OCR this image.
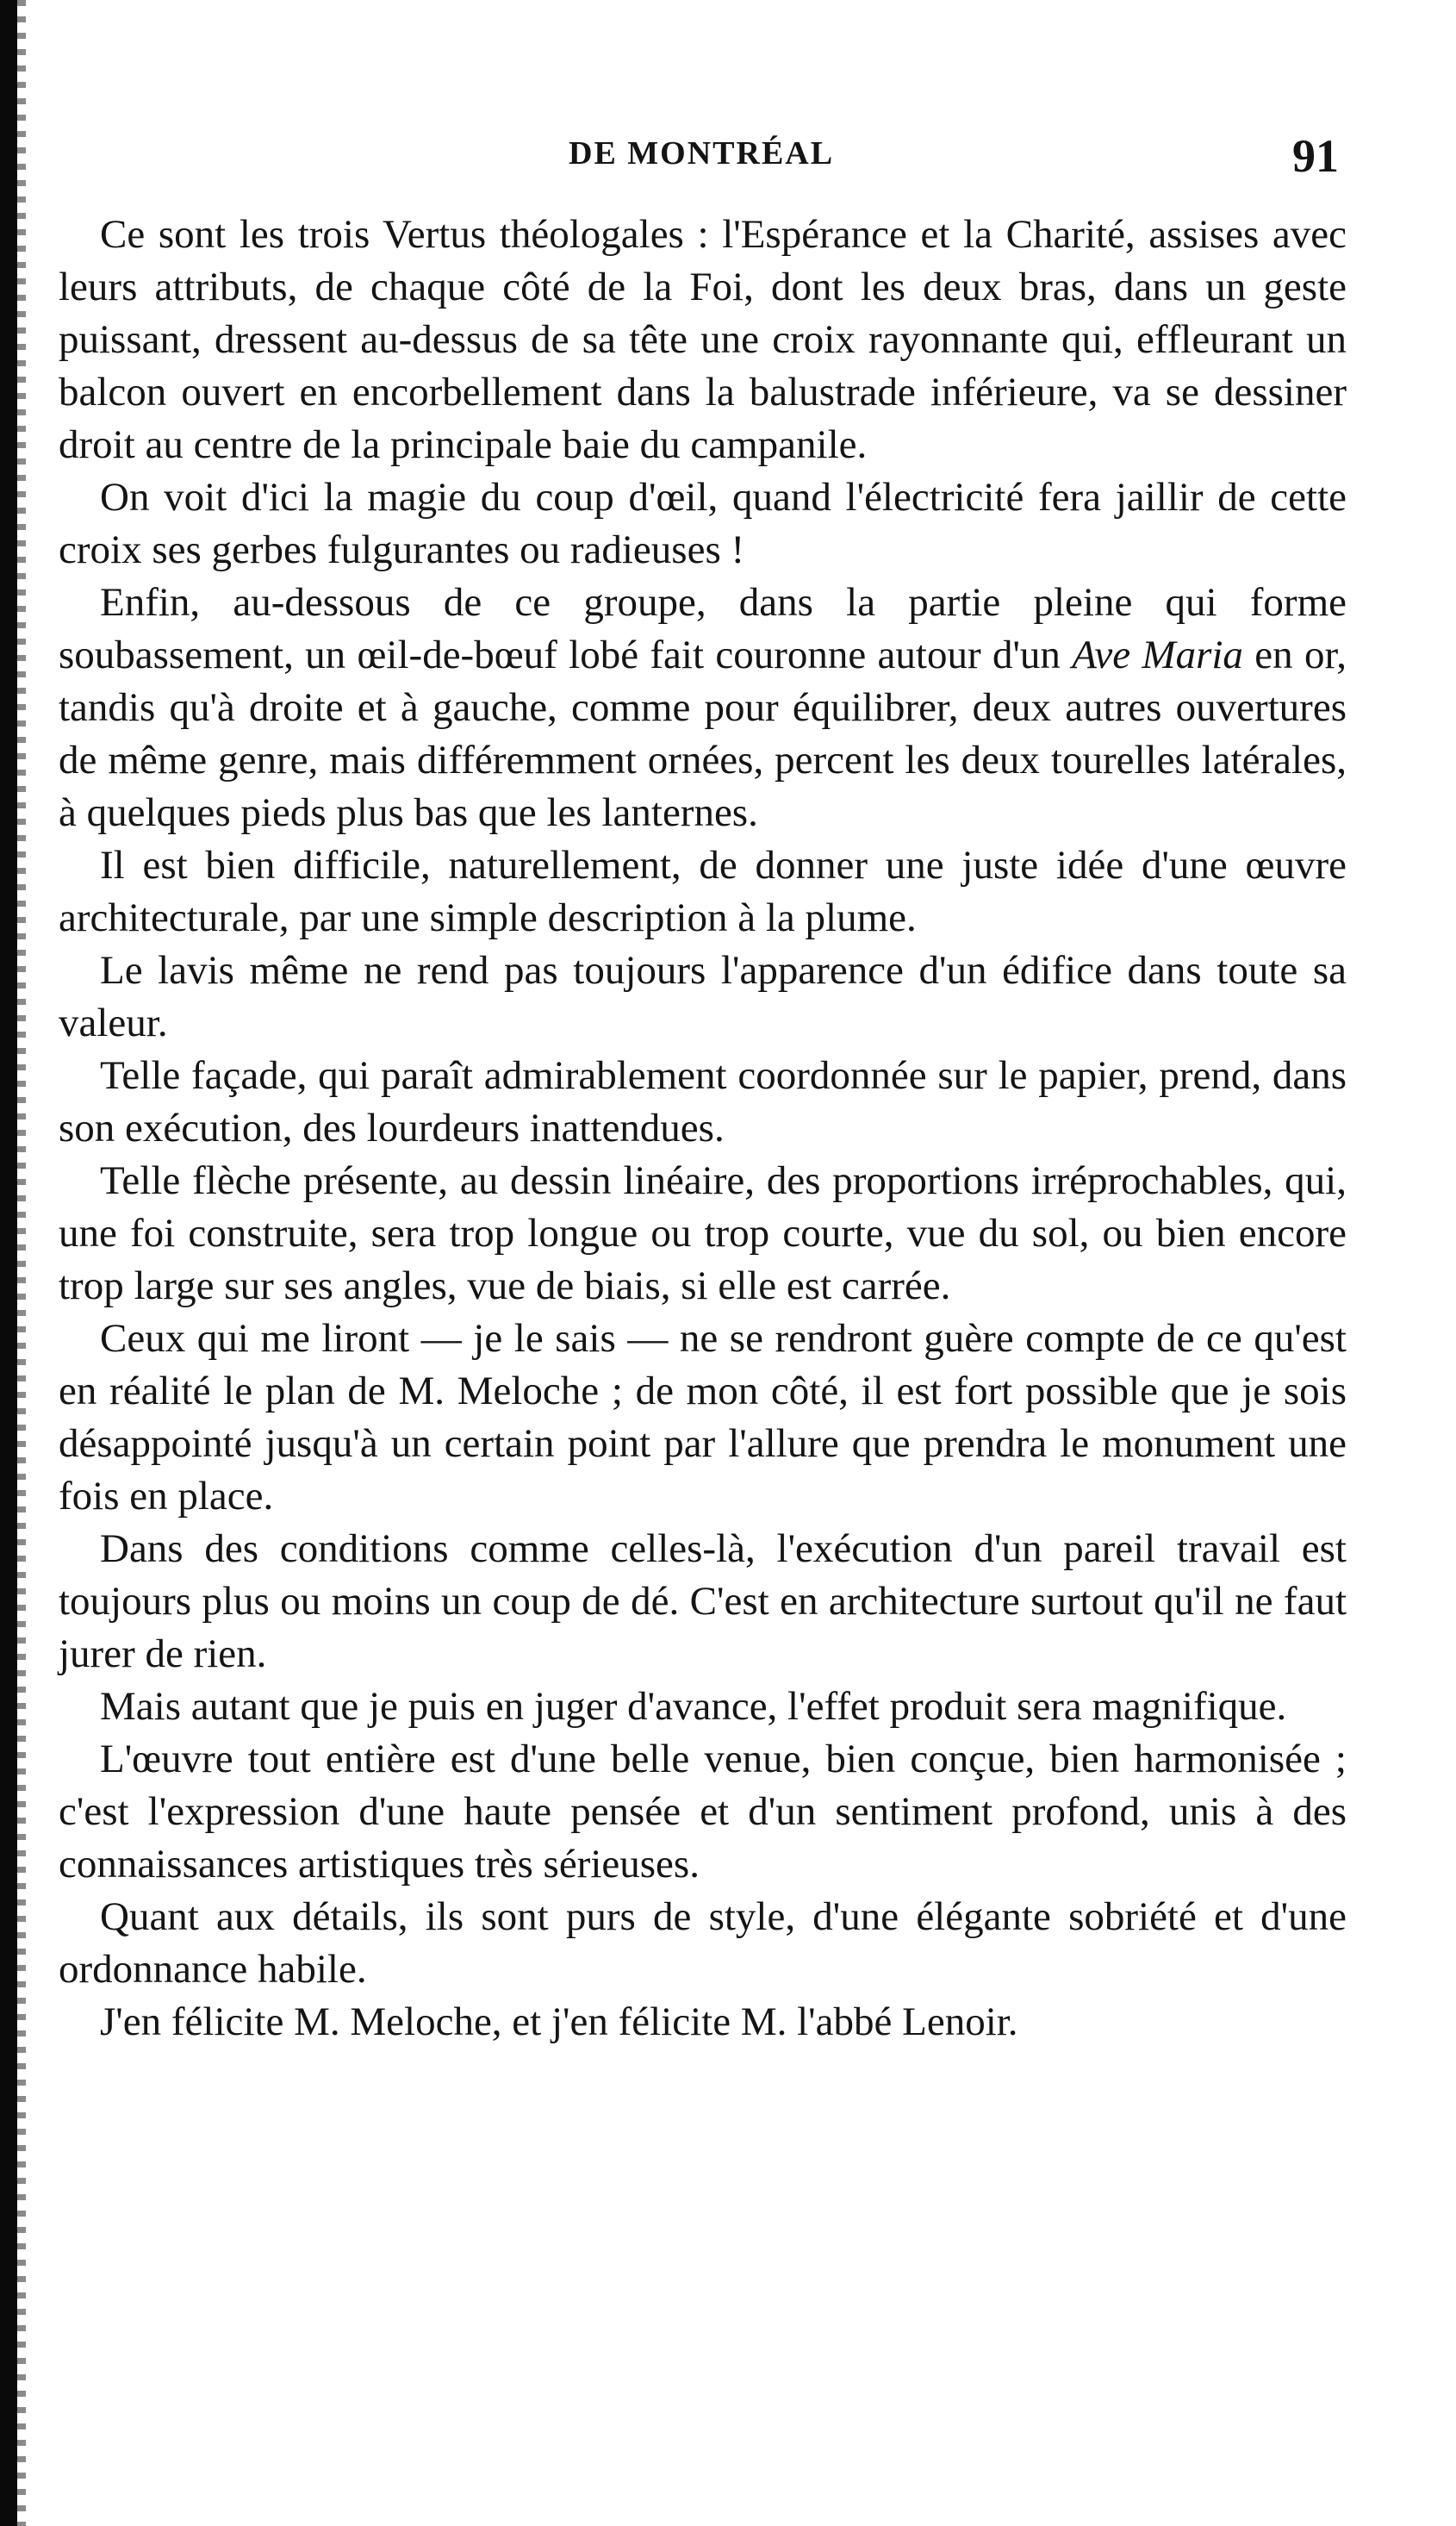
DE MONTRÉAL	91

Ce sont les trois Vertus théologales : l'Espérance et la Charité, assises avec leurs attributs, de chaque côté de la Foi, dont les deux bras, dans un geste puissant, dressent au-dessus de sa tête une croix rayonnante qui, effleurant un balcon ouvert en encorbellement dans la balustrade inférieure, va se dessiner droit au centre de la principale baie du campanile.

On voit d'ici la magie du coup d'œil, quand l'électricité fera jaillir de cette croix ses gerbes fulgurantes ou radieuses !

Enfin, au-dessous de ce groupe, dans la partie pleine qui forme soubassement, un œil-de-bœuf lobé fait couronne autour d'un Ave Maria en or, tandis qu'à droite et à gauche, comme pour équilibrer, deux autres ouvertures de même genre, mais différemment ornées, percent les deux tourelles latérales, à quelques pieds plus bas que les lanternes.

Il est bien difficile, naturellement, de donner une juste idée d'une œuvre architecturale, par une simple description à la plume.

Le lavis même ne rend pas toujours l'apparence d'un édifice dans toute sa valeur.

Telle façade, qui paraît admirablement coordonnée sur le papier, prend, dans son exécution, des lourdeurs inattendues.

Telle flèche présente, au dessin linéaire, des proportions irréprochables, qui, une foi construite, sera trop longue ou trop courte, vue du sol, ou bien encore trop large sur ses angles, vue de biais, si elle est carrée.

Ceux qui me liront — je le sais — ne se rendront guère compte de ce qu'est en réalité le plan de M. Meloche ; de mon côté, il est fort possible que je sois désappointé jusqu'à un certain point par l'allure que prendra le monument une fois en place.

Dans des conditions comme celles-là, l'exécution d'un pareil travail est toujours plus ou moins un coup de dé. C'est en architecture surtout qu'il ne faut jurer de rien.

Mais autant que je puis en juger d'avance, l'effet produit sera magnifique.

L'œuvre tout entière est d'une belle venue, bien conçue, bien harmonisée ; c'est l'expression d'une haute pensée et d'un sentiment profond, unis à des connaissances artistiques très sérieuses.

Quant aux détails, ils sont purs de style, d'une élégante sobriété et d'une ordonnance habile.

J'en félicite M. Meloche, et j'en félicite M. l'abbé Lenoir.
